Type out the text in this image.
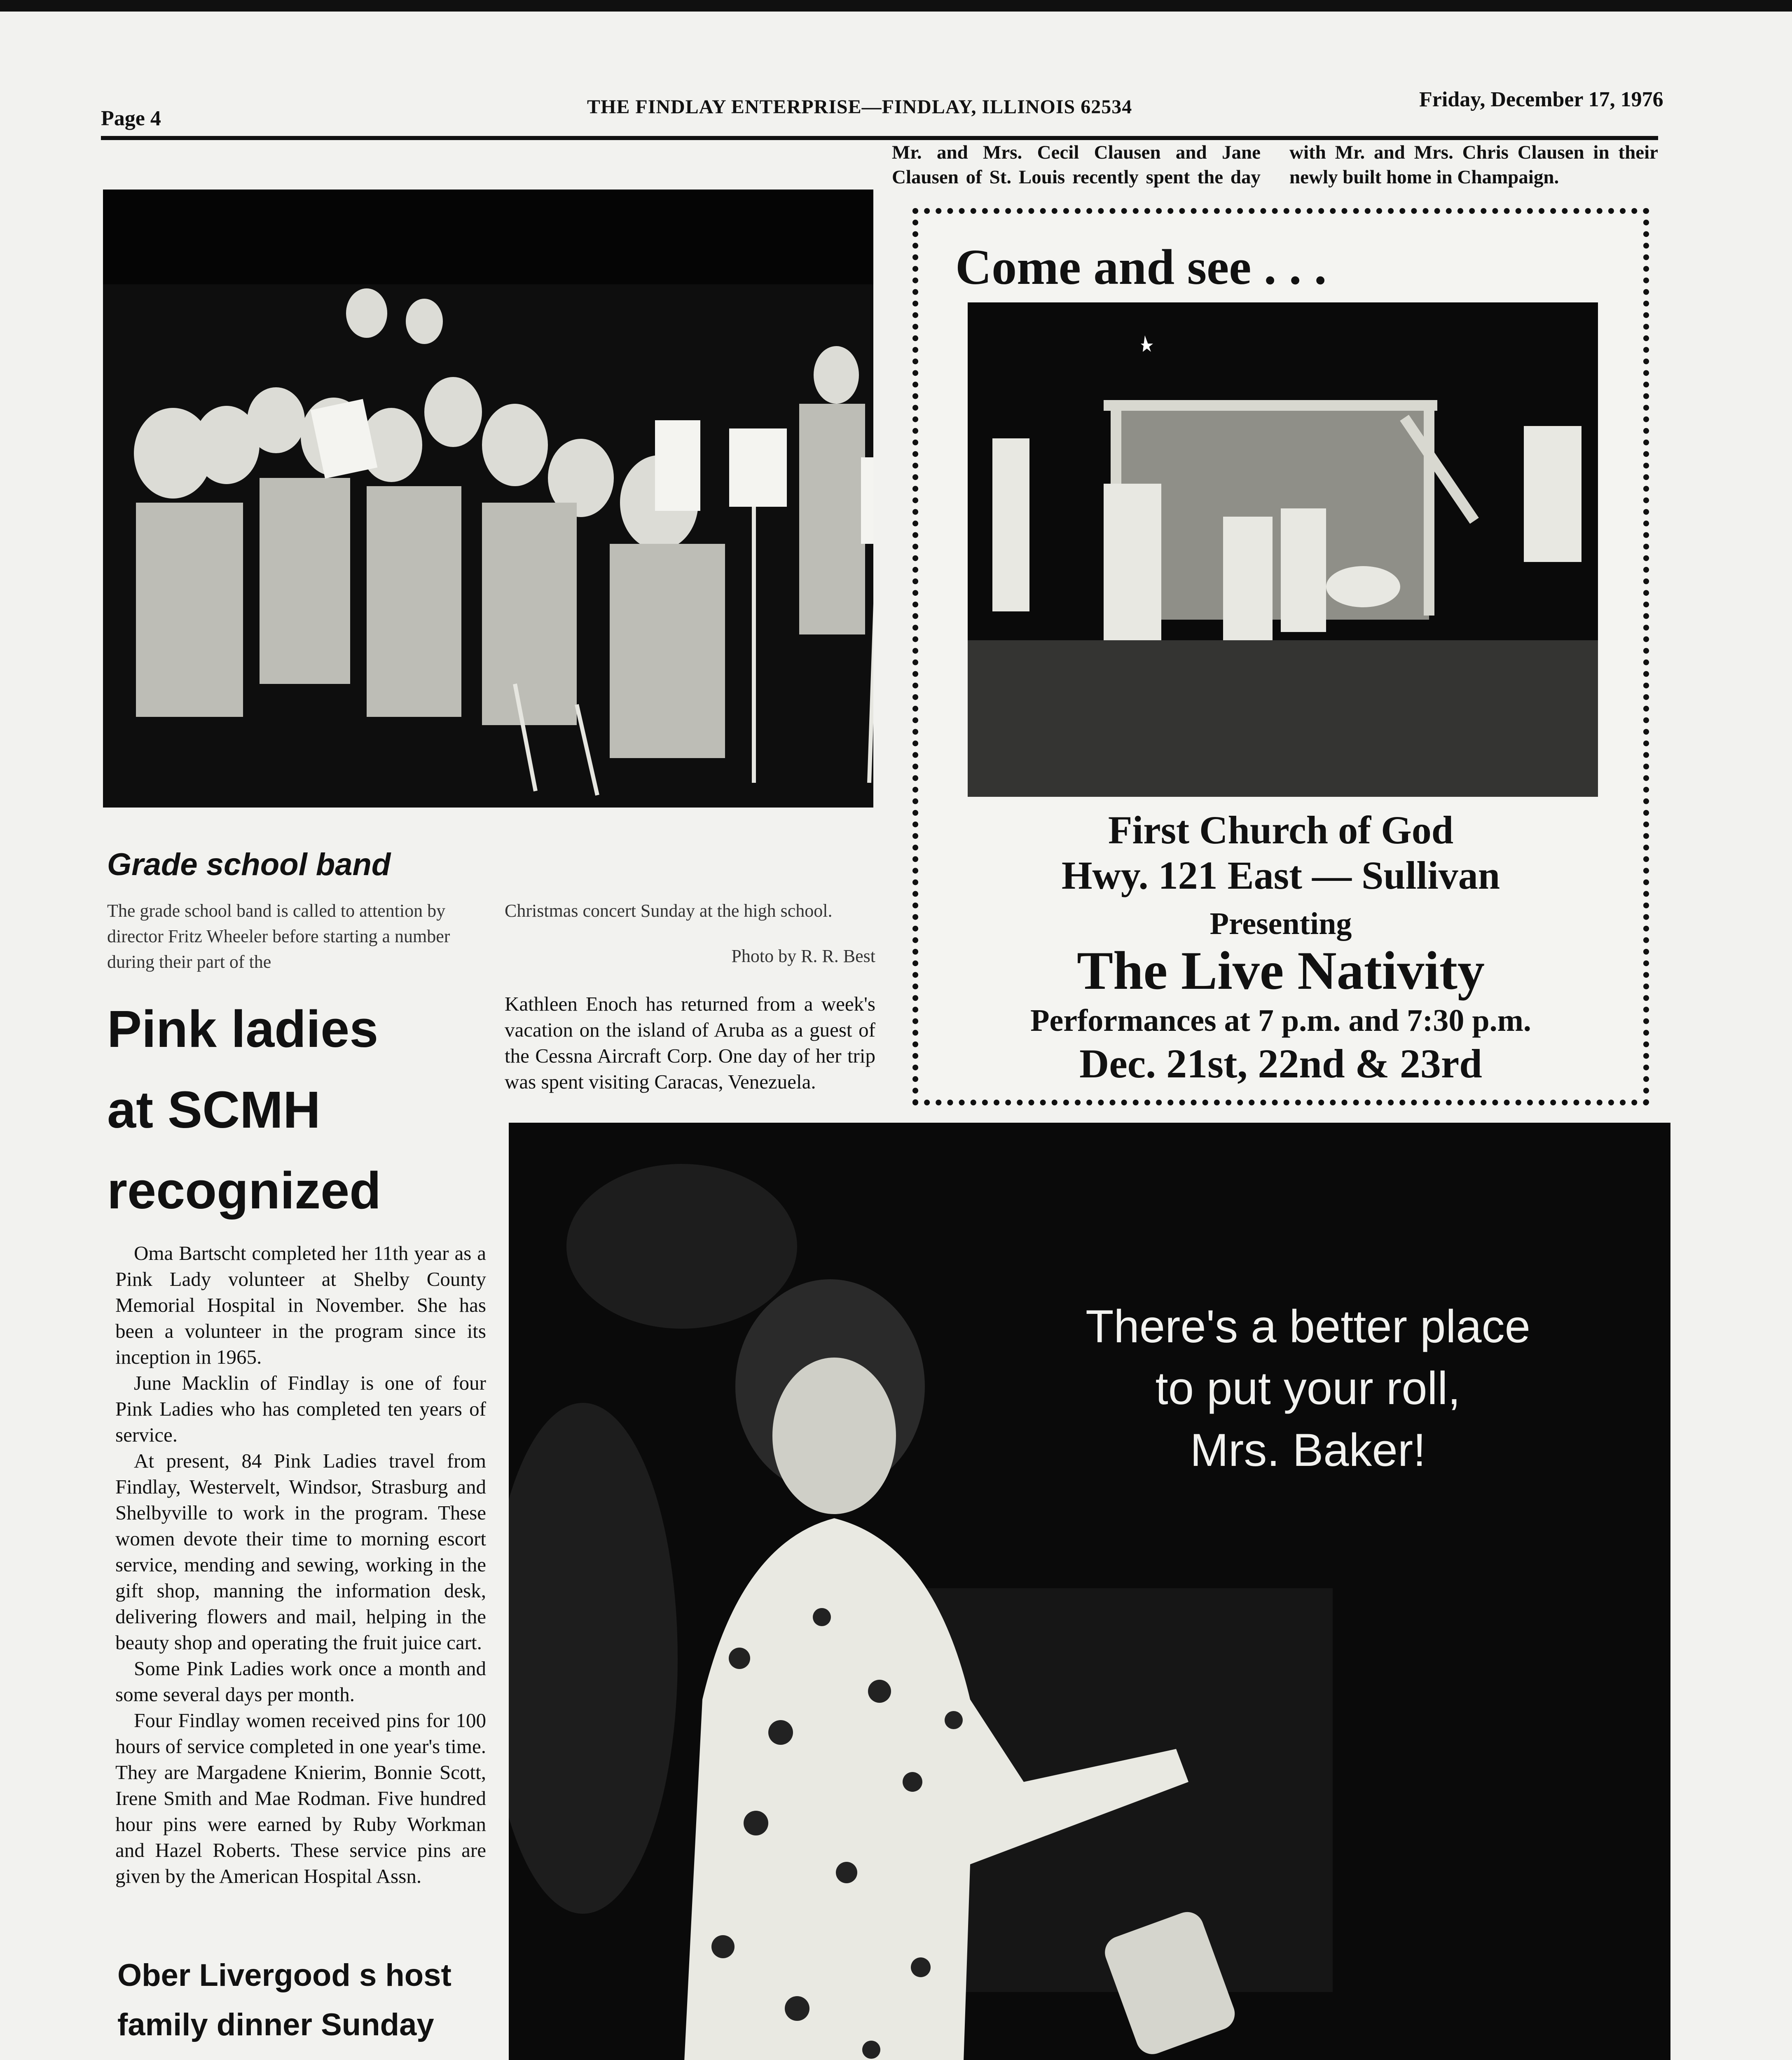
Page 4	THE FINDLAY ENTERPRISE—FINDLAY, ILLINOIS 62534	Friday, December 17, 1976
Grade school band
The grade school band is called to attention by director Fritz Wheeler before starting a number during their part of the
Christmas concert Sunday at the high school.
Photo by R. R. Best
Mr. and Mrs. Cecil Clausen and Jane Clausen of St. Louis recently spent the day with Mr. and Mrs. Chris Clausen in their newly built home in Champaign.
Kathleen Enoch has returned from a week's vacation on the island of Aruba as a guest of the Cessna Aircraft Corp. One day of her trip was spent visiting Caracas, Venezuela.
Come and see . . .
First Church of God
Hwy. 121 East — Sullivan
Presenting
The Live Nativity
Performances at 7 p.m. and 7:30 p.m.
Dec. 21st, 22nd & 23rd
Pink ladies
at SCMH
recognized

Oma Bartscht completed her 11th year as a Pink Lady volunteer at Shelby County Memorial Hospital in November. She has been a volunteer in the program since its inception in 1965.

June Macklin of Findlay is one of four Pink Ladies who has completed ten years of service.

At present, 84 Pink Ladies travel from Findlay, Westervelt, Windsor, Strasburg and Shelbyville to work in the program. These women devote their time to morning escort service, mending and sewing, working in the gift shop, manning the information desk, delivering flowers and mail, helping in the beauty shop and operating the fruit juice cart.

Some Pink Ladies work once a month and some several days per month.

Four Findlay women received pins for 100 hours of service completed in one year's time. They are Margadene Knierim, Bonnie Scott, Irene Smith and Mae Rodman. Five hundred hour pins were earned by Ruby Workman and Hazel Roberts. These service pins are given by the American Hospital Assn.

Ober Livergood s host
family dinner Sunday

There's a better place
to put your roll,
Mrs. Baker!
